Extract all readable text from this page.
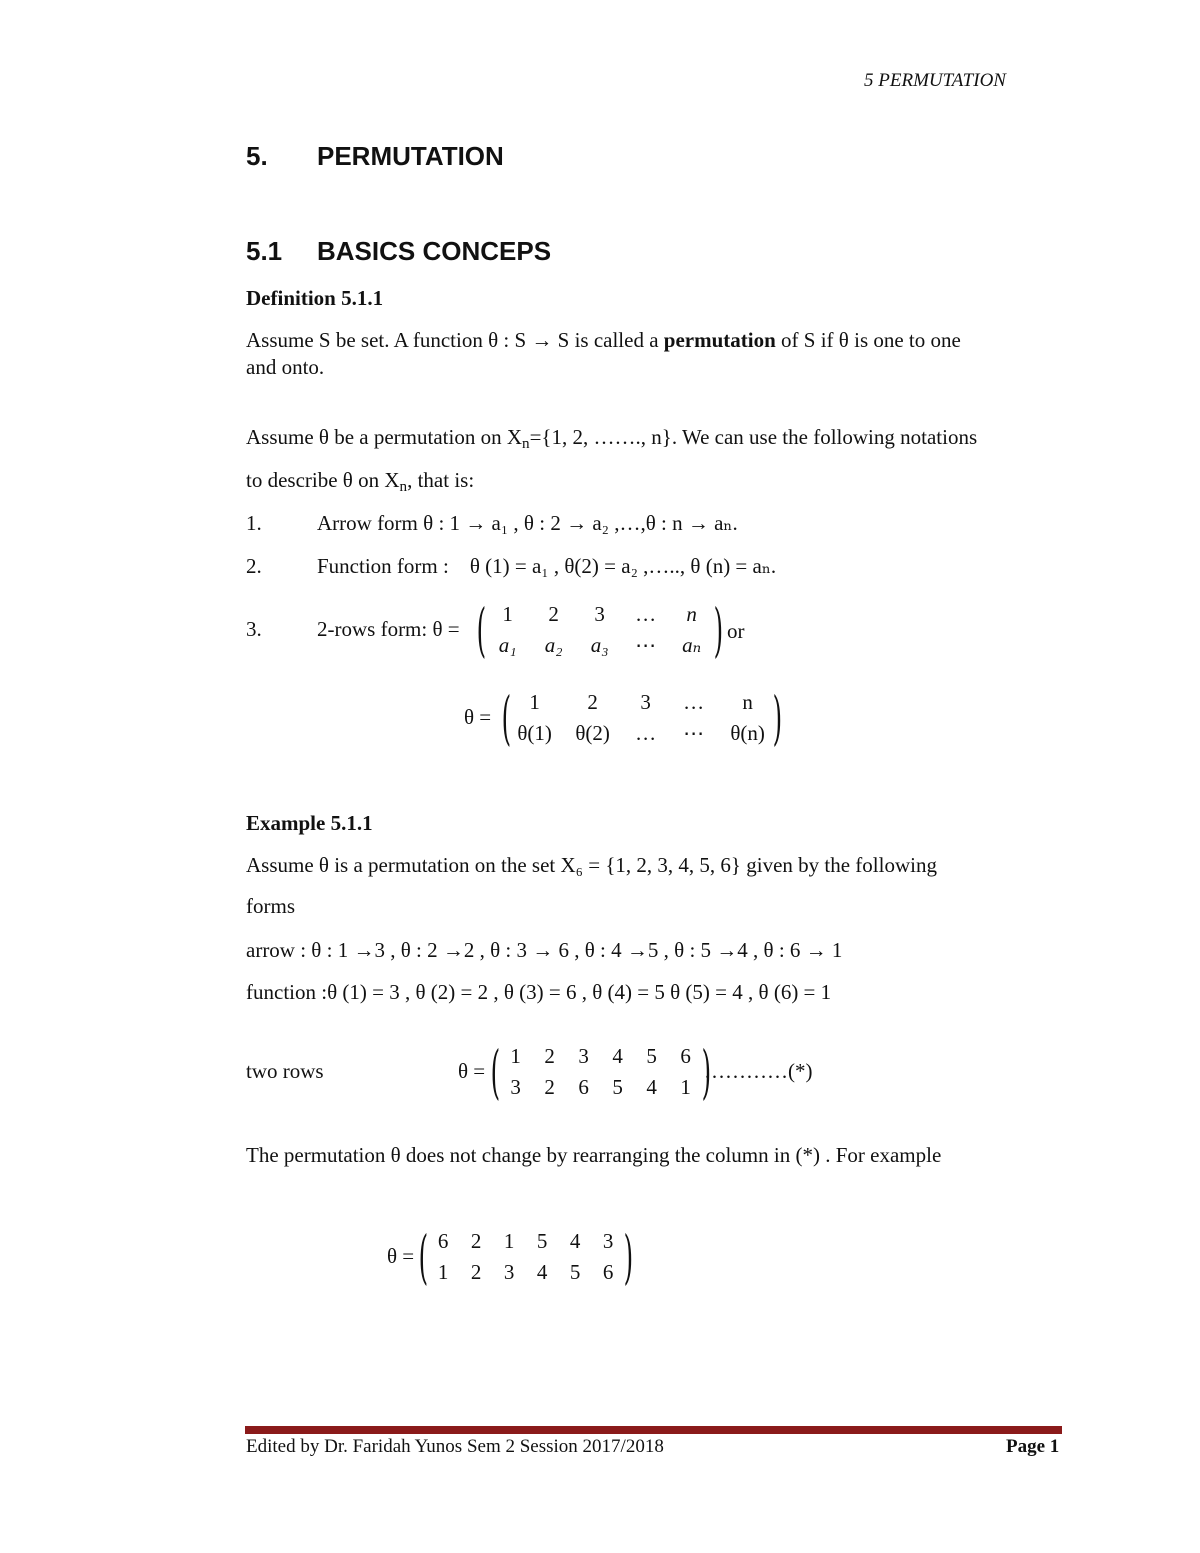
5 PERMUTATION
5. PERMUTATION
5.1 BASICS CONCEPS
Definition 5.1.1
Assume S be set. A function θ : S → S is called a permutation of S if θ is one to one
and onto.
Assume θ be a permutation on $X_n=\{1$, 2, ……., n}. We can use the following notations
to describe θ on $X_n$, that is:
1.	Arrow form θ : 1 → a₁ , θ : 2 → a₂ ,…,θ : n → aₙ.
2.	Function form : θ (1) = a₁ , θ(2) = a₂ ,….., θ (n) = aₙ.
3.	2-rows form: θ = ( 1	2	3	…	n
a₁	a₂	a₃	⋯	aₙ ) or
θ = ( 1	2	3	…	n
θ(1)	θ(2)	…	⋯	θ(n) )
Example 5.1.1
Assume θ is a permutation on the set X₆ = {1, 2, 3, 4, 5, 6} given by the following
forms
arrow : θ : 1 →3 , θ : 2 →2 , θ : 3 → 6 , θ : 4 →5 , θ : 5 →4 , θ : 6 → 1
function :θ (1) = 3 , θ (2) = 2 , θ (3) = 6 , θ (4) = 5 θ (5) = 4 , θ (6) = 1
two rows	θ = ( 1	2	3	4	5	6
3	2	6	5	4	1 )
…………(*)
The permutation θ does not change by rearranging the column in (*) . For example
θ = ( 6	2	1	5	4	3
1	2	3	4	5	6 )
Edited by Dr. Faridah Yunos Sem 2 Session 2017/2018	Page 1
